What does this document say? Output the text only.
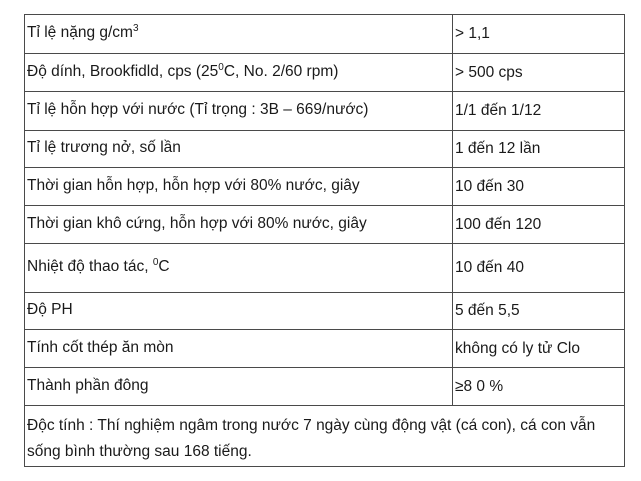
Tỉ lệ nặng $g/cm^3$	> 1,1
Độ dính, Brookfidld, cps ($25^0C$, No. 2/60 rpm)	> 500 cps
Tỉ lệ hỗn hợp với nước (Tỉ trọng : 3B – 669/nước)	1/1 đến 1/12
Tỉ lệ trương nở, số lần	1 đến 12 lần
Thời gian hỗn hợp, hỗn hợp với 80% nước, giây	10 đến 30
Thời gian khô cứng, hỗn hợp với 80% nước, giây	100 đến 120
Nhiệt độ thao tác, $^0$C	10 đến 40
Độ PH	5 đến 5,5
Tính cốt thép ăn mòn	không có ly tử Clo
Thành phần đông	≥8 0 %
Độc tính : Thí nghiệm ngâm trong nước 7 ngày cùng động vật (cá con), cá con vẫn sống bình thường sau 168 tiếng.
